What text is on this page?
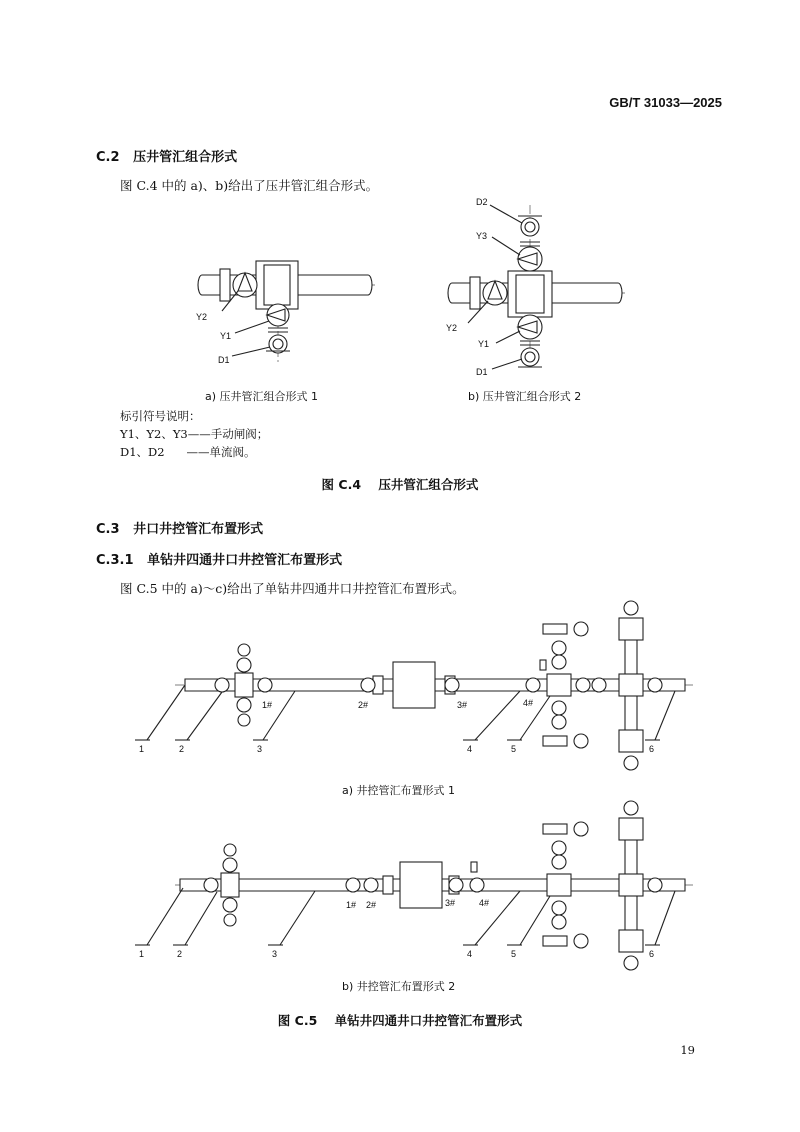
GB/T 31033—2025
C.2 压井管汇组合形式
图 C.4 中的 a)、b)给出了压井管汇组合形式。
Y2
Y1
D1
D2
Y3
Y2
Y1
D1
a) 压井管汇组合形式 1	b) 压井管汇组合形式 2
标引符号说明：
Y1、Y2、Y3——手动闸阀；
D1、D2      ——单流阀。
图 C.4    压井管汇组合形式
C.3 井口井控管汇布置形式
C.3.1 单钻井四通井口井控管汇布置形式
图 C.5 中的 a)～c)给出了单钻井四通井口井控管汇布置形式。
1	2	3	4	5	6
1#	2#	3#	4#
a) 井控管汇布置形式 1
1	2	3	4	5	6
1# 2#	3#	4#
b) 井控管汇布置形式 2
图 C.5    单钻井四通井口井控管汇布置形式
19
